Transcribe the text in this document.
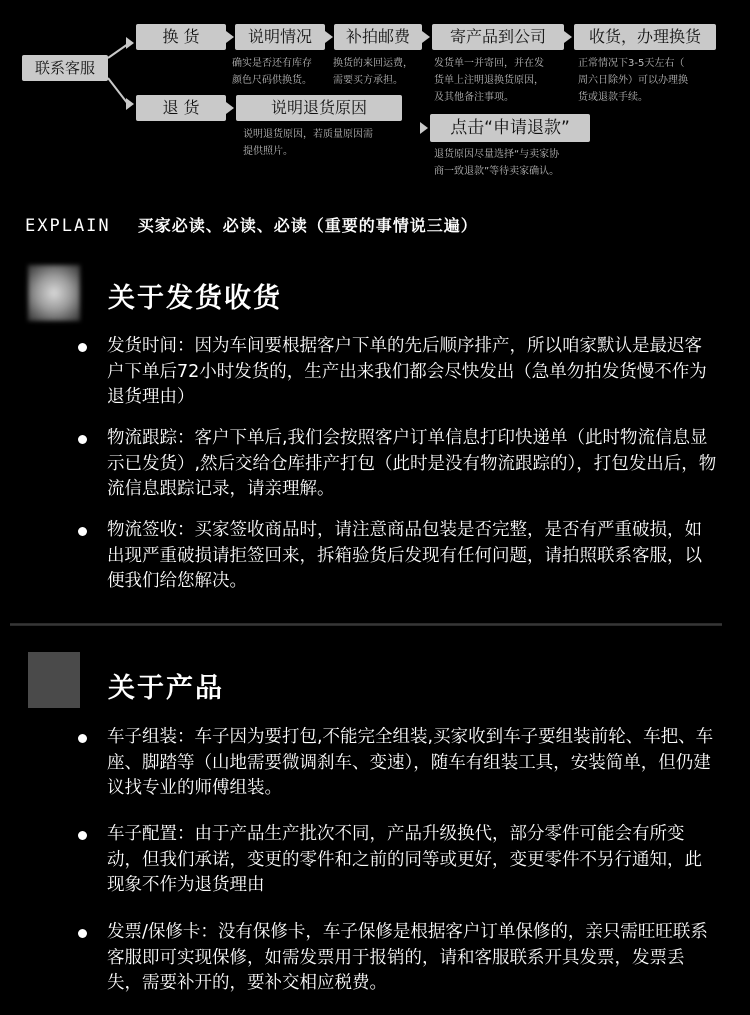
联系客服
换 货	说明情况	补拍邮费	寄产品到公司	收货，办理换货
确实是否还有库存
颜色尺码供换货。
换货的来回运费，
需要买方承担。
发货单一并寄回，并在发
货单上注明退换货原因，
及其他备注事项。
正常情况下3-5天左右（
周六日除外）可以办理换
货或退款手续。
退 货	说明退货原因
说明退货原因，若质量原因需
提供照片。
点击“申请退款”
退货原因尽量选择“与卖家协
商一致退款”等待卖家确认。
EXPLAIN 买家必读、必读、必读（重要的事情说三遍）
关于发货收货
发货时间：因为车间要根据客户下单的先后顺序排产，所以咱家默认是最迟客户下单后72小时发货的，生产出来我们都会尽快发出（急单勿拍发货慢不作为退货理由）
物流跟踪：客户下单后,我们会按照客户订单信息打印快递单（此时物流信息显示已发货）,然后交给仓库排产打包（此时是没有物流跟踪的），打包发出后，物流信息跟踪记录，请亲理解。
物流签收：买家签收商品时，请注意商品包装是否完整，是否有严重破损，如出现严重破损请拒签回来，拆箱验货后发现有任何问题，请拍照联系客服，以便我们给您解决。
关于产品
车子组装：车子因为要打包,不能完全组装,买家收到车子要组装前轮、车把、车座、脚踏等（山地需要微调刹车、变速），随车有组装工具，安装简单，但仍建议找专业的师傅组装。
车子配置：由于产品生产批次不同，产品升级换代，部分零件可能会有所变动，但我们承诺，变更的零件和之前的同等或更好，变更零件不另行通知，此现象不作为退货理由
发票/保修卡：没有保修卡，车子保修是根据客户订单保修的，亲只需旺旺联系客服即可实现保修，如需发票用于报销的，请和客服联系开具发票，发票丢失，需要补开的，要补交相应税费。
